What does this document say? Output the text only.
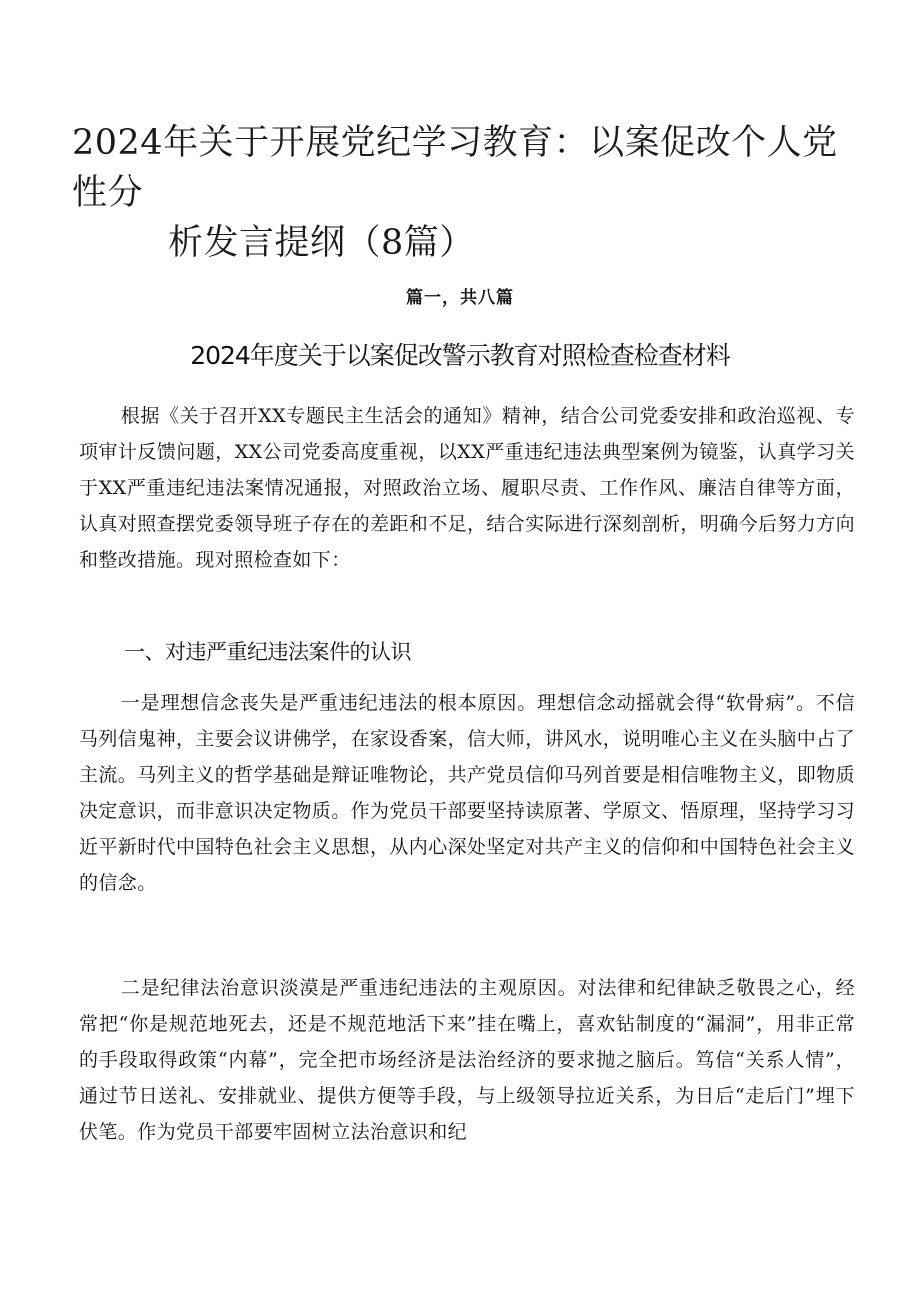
2024年关于开展党纪学习教育：以案促改个人党性分
析发言提纲（8篇）
篇一，共八篇
2024年度关于以案促改警示教育对照检查检查材料

根据《关于召开XX专题民主生活会的通知》精神，结合公司党委安排和政治巡视、专项审计反馈问题，XX公司党委高度重视，以XX严重违纪违法典型案例为镜鉴，认真学习关于XX严重违纪违法案情况通报，对照政治立场、履职尽责、工作作风、廉洁自律等方面，认真对照查摆党委领导班子存在的差距和不足，结合实际进行深刻剖析，明确今后努力方向和整改措施。现对照检查如下：

一、对违严重纪违法案件的认识

一是理想信念丧失是严重违纪违法的根本原因。理想信念动摇就会得“软骨病”。不信马列信鬼神，主要会议讲佛学，在家设香案，信大师，讲风水，说明唯心主义在头脑中占了主流。马列主义的哲学基础是辩证唯物论，共产党员信仰马列首要是相信唯物主义，即物质决定意识，而非意识决定物质。作为党员干部要坚持读原著、学原文、悟原理，坚持学习习近平新时代中国特色社会主义思想，从内心深处坚定对共产主义的信仰和中国特色社会主义的信念。

二是纪律法治意识淡漠是严重违纪违法的主观原因。对法律和纪律缺乏敬畏之心，经常把“你是规范地死去，还是不规范地活下来”挂在嘴上，喜欢钻制度的“漏洞”，用非正常的手段取得政策“内幕”，完全把市场经济是法治经济的要求抛之脑后。笃信“关系人情”，通过节日送礼、安排就业、提供方便等手段，与上级领导拉近关系，为日后“走后门”埋下伏笔。作为党员干部要牢固树立法治意识和纪
